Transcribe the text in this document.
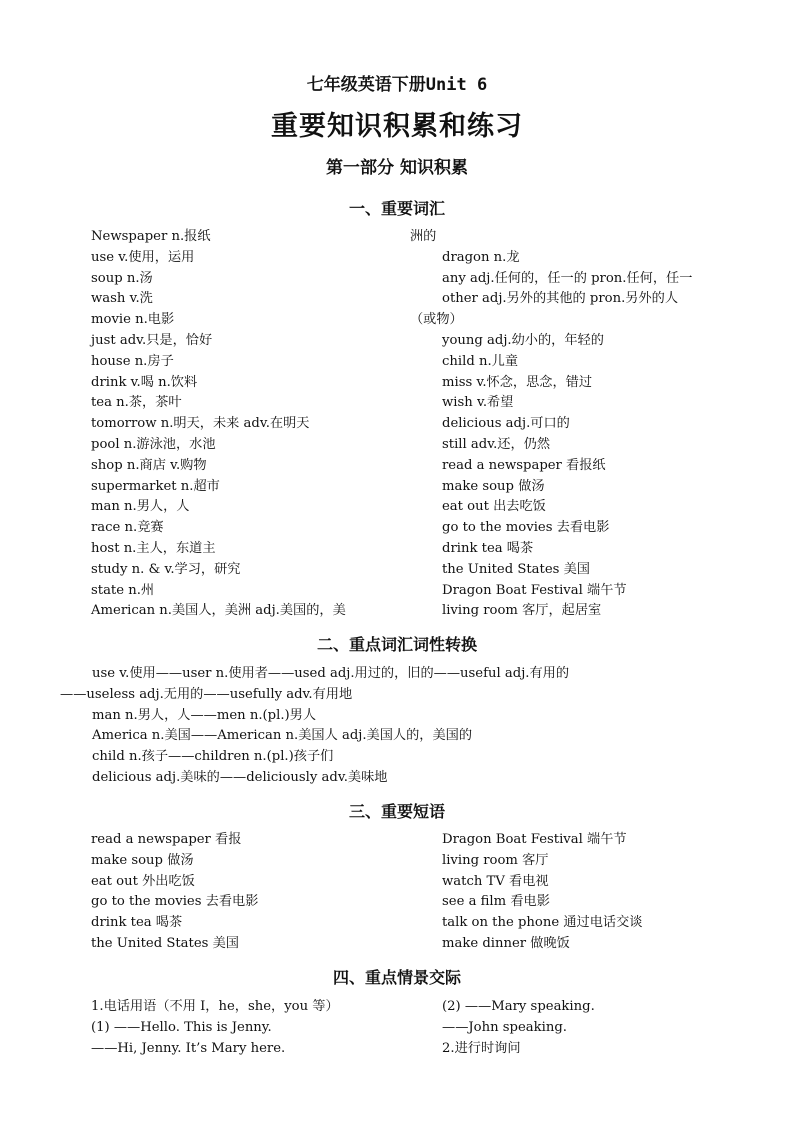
七年级英语下册Unit 6
重要知识积累和练习
第一部分 知识积累
一、重要词汇
Newspaper n.报纸
use v.使用，运用
soup n.汤
wash v.洗
movie n.电影
just adv.只是，恰好
house n.房子
drink v.喝 n.饮料
tea n.茶，茶叶
tomorrow n.明天，未来 adv.在明天
pool n.游泳池，水池
shop n.商店 v.购物
supermarket n.超市
man n.男人，人
race n.竞赛
host n.主人，东道主
study n. & v.学习，研究
state n.州
American n.美国人，美洲 adj.美国的，美
洲的
dragon n.龙
any adj.任何的，任一的 pron.任何，任一
other adj.另外的其他的 pron.另外的人
（或物）
young adj.幼小的，年轻的
child n.儿童
miss v.怀念，思念，错过
wish v.希望
delicious adj.可口的
still adv.还，仍然
read a newspaper 看报纸
make soup 做汤
eat out 出去吃饭
go to the movies 去看电影
drink tea 喝茶
the United States 美国
Dragon Boat Festival 端午节
living room 客厅，起居室
二、重点词汇词性转换
use v.使用——user n.使用者——used adj.用过的，旧的——useful adj.有用的
——useless adj.无用的——usefully adv.有用地
man n.男人，人——men n.(pl.)男人
America n.美国——American n.美国人 adj.美国人的，美国的
child n.孩子——children n.(pl.)孩子们
delicious adj.美味的——deliciously adv.美味地
三、重要短语
read a newspaper 看报
make soup 做汤
eat out 外出吃饭
go to the movies 去看电影
drink tea 喝茶
the United States 美国
Dragon Boat Festival 端午节
living room 客厅
watch TV 看电视
see a film 看电影
talk on the phone 通过电话交谈
make dinner 做晚饭
四、重点情景交际
1.电话用语（不用 I，he，she，you 等）
(1) ——Hello. This is Jenny.
——Hi, Jenny. It’s Mary here.
(2) ——Mary speaking.
——John speaking.
2.进行时询问
